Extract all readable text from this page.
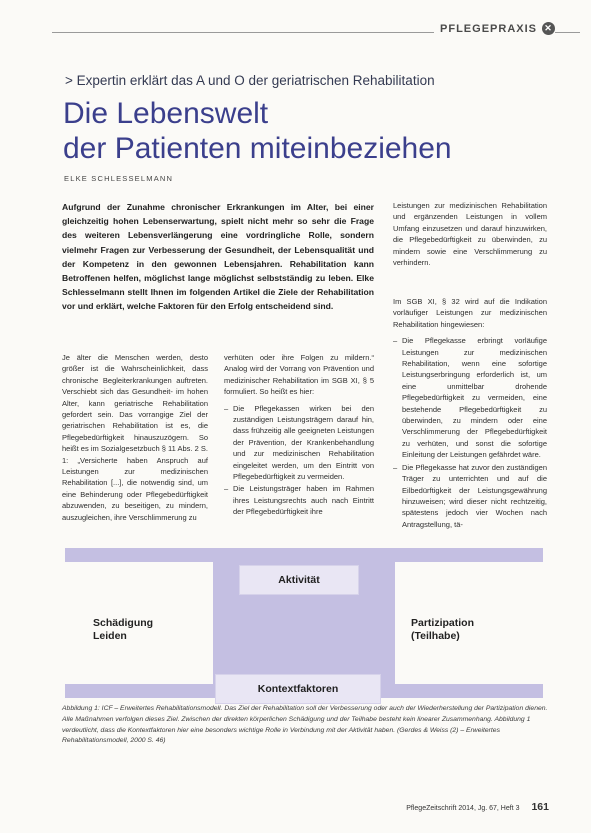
PFLEGEPRAXIS ✕
> Expertin erklärt das A und O der geriatrischen Rehabilitation
Die Lebenswelt
der Patienten miteinbeziehen
ELKE SCHLESSELMANN
Aufgrund der Zunahme chronischer Erkrankungen im Alter, bei einer gleichzeitig hohen Lebenserwartung, spielt nicht mehr so sehr die Frage des weiteren Lebensverlängerung eine vordringliche Rolle, sondern vielmehr Fragen zur Verbesserung der Gesundheit, der Lebensqualität und der Kompetenz in den gewonnen Lebensjahren. Rehabilitation kann Betroffenen helfen, möglichst lange möglichst selbstständig zu leben. Elke Schlesselmann stellt Ihnen im folgenden Artikel die Ziele der Rehabilitation vor und erklärt, welche Faktoren für den Erfolg entscheidend sind.

Je älter die Menschen werden, desto größer ist die Wahrscheinlichkeit, dass chronische Begleiterkrankungen auftreten. Verschiebt sich das Gesundheit- im hohen Alter, kann geriatrische Rehabilitation gefordert sein. Das vorrangige Ziel der geriatrischen Rehabilitation ist es, die Pflegebedürftigkeit hinauszuzögern. So heißt es im Sozialgesetzbuch § 11 Abs. 2 S. 1: „Versicherte haben Anspruch auf Leistungen zur medizinischen Rehabilitation [...], die notwendig sind, um eine Behinderung oder Pflegebedürftigkeit abzuwenden, zu beseitigen, zu mindern, auszugleichen, ihre Verschlimmerung zu

verhüten oder ihre Folgen zu mildern.“ Analog wird der Vorrang von Prävention und medizinischer Rehabilitation im SGB XI, § 5 formuliert. So heißt es hier:

– Die Pflegekassen wirken bei den zuständigen Leistungsträgern darauf hin, dass frühzeitig alle geeigneten Leistungen der Prävention, der Krankenbehandlung und zur medizinischen Rehabilitation eingeleitet werden, um den Eintritt von Pflegebedürftigkeit zu vermeiden.
– Die Leistungsträger haben im Rahmen ihres Leistungsrechts auch nach Eintritt der Pflegebedürftigkeit ihre

Leistungen zur medizinischen Rehabilitation und ergänzenden Leistungen in vollem Umfang einzusetzen und darauf hinzuwirken, die Pflegebedürftigkeit zu überwinden, zu mindern sowie eine Verschlimmerung zu verhindern.

Im SGB XI, § 32 wird auf die Indikation vorläufiger Leistungen zur medizinischen Rehabilitation hingewiesen:

– Die Pflegekasse erbringt vorläufige Leistungen zur medizinischen Rehabilitation, wenn eine sofortige Leistungserbringung erforderlich ist, um eine unmittelbar drohende Pflegebedürftigkeit zu vermeiden, eine bestehende Pflegebedürftigkeit zu überwinden, zu mindern oder eine Verschlimmerung der Pflegebedürftigkeit zu verhüten, und sonst die sofortige Einleitung der Leistungen gefährdet wäre.
– Die Pflegekasse hat zuvor den zuständigen Träger zu unterrichten und auf die Eilbedürftigkeit der Leistungsgewährung hinzuweisen; wird dieser nicht rechtzeitig, spätestens jedoch vier Wochen nach Antragstellung, tä-
Aktivität
Kontextfaktoren
Schädigung
Leiden
Partizipation
(Teilhabe)
Abbildung 1: ICF – Erweitertes Rehabilitationsmodell. Das Ziel der Rehabilitation soll der Verbesserung oder auch der Wiederherstellung der Partizipation dienen. Alle Maßnahmen verfolgen dieses Ziel. Zwischen der direkten körperlichen Schädigung und der Teilhabe besteht kein linearer Zusammenhang. Abbildung 1 verdeutlicht, dass die Kontextfaktoren hier eine besonders wichtige Rolle in Verbindung mit der Aktivität haben. (Gerdes & Weiss (2) – Erweitertes Rehabilitationsmodell, 2000 S. 46)
PflegeZeitschrift 2014, Jg. 67, Heft 3 161
